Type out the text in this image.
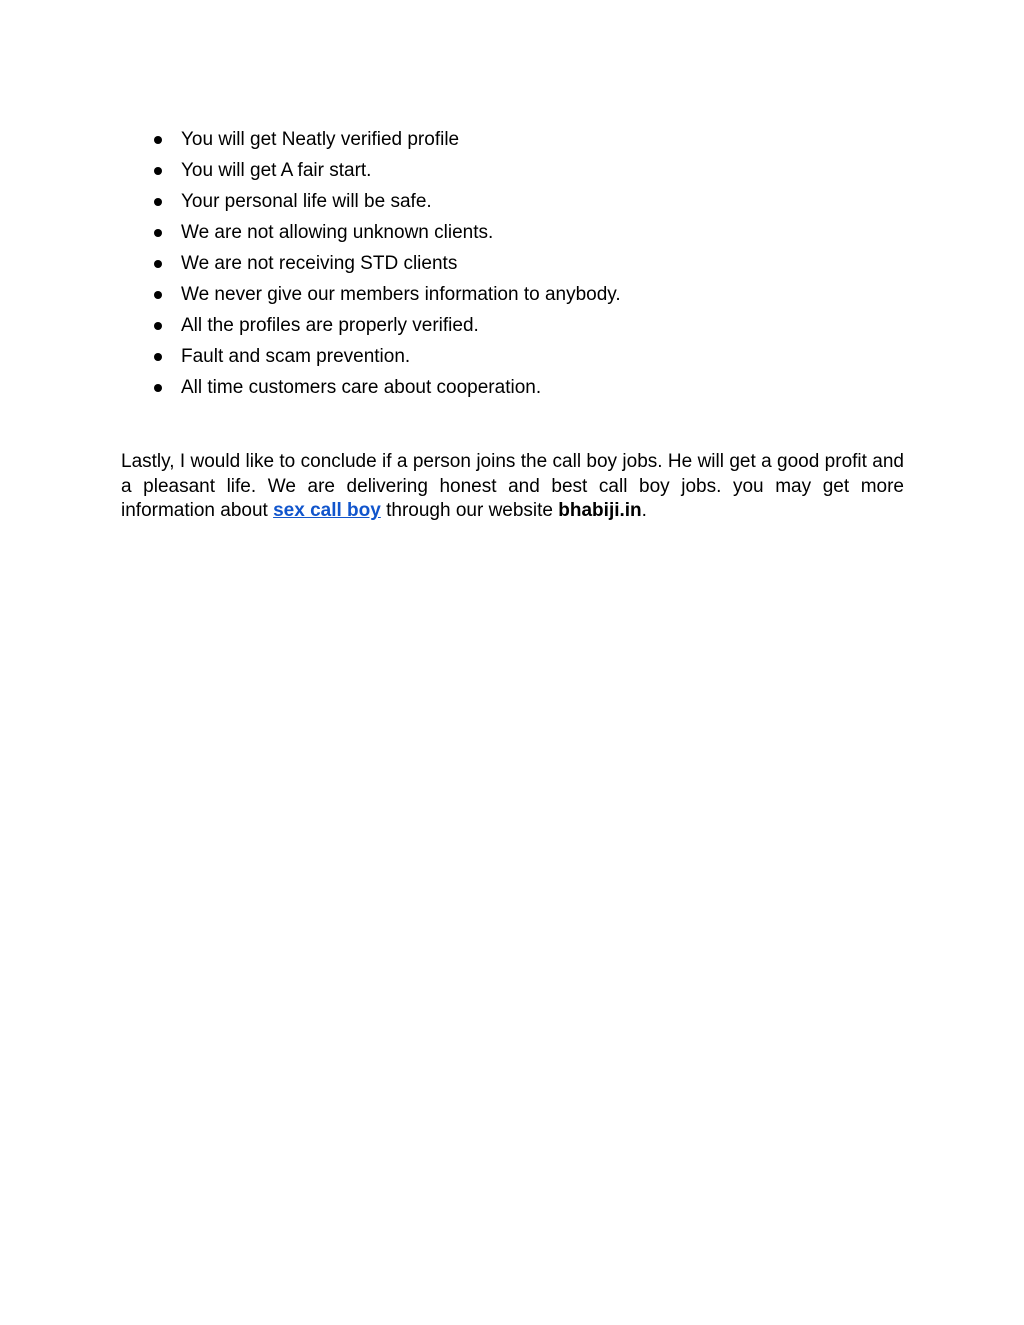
You will get Neatly verified profile
You will get A fair start.
Your personal life will be safe.
We are not allowing unknown clients.
We are not receiving STD clients
We never give our members information to anybody.
All the profiles are properly verified.
Fault and scam prevention.
All time customers care about cooperation.

Lastly, I would like to conclude if a person joins the call boy jobs. He will get a good profit and a pleasant life. We are delivering honest and best call boy jobs. you may get more information about sex call boy through our website bhabiji.in.
